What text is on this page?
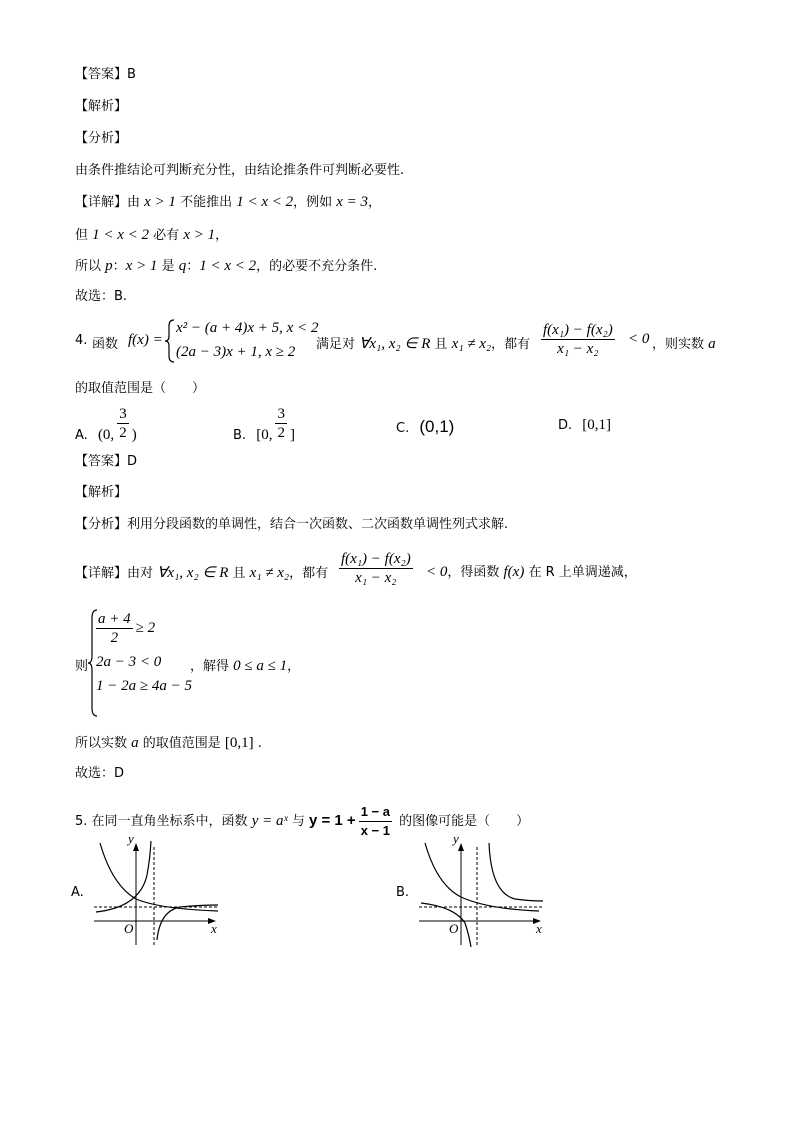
【答案】B
【解析】
【分析】
由条件推结论可判断充分性，由结论推条件可判断必要性.
【详解】由 x > 1 不能推出 1 < x < 2，例如 x = 3，
但 1 < x < 2 必有 x > 1，
所以 p：x > 1 是 q：1 < x < 2，的必要不充分条件.
故选：B.
4. 函数 f(x) =
x² − (a + 4)x + 5, x < 2
(2a − 3)x + 1, x ≥ 2 满足对 ∀x₁, x₂ ∈ R 且 x₁ ≠ x₂，都有 $\frac{\text{f(x₁) − f(x₂)}}{\text{x₁ − x₂}} < 0$ ，则实数 a
的取值范围是（　　）
A. (0, $\frac{3}{2}$ )	B. [0, $\frac{3}{2}$ ]	C. (0,1)	D. [0,1]
【答案】D
【解析】
【分析】利用分段函数的单调性，结合一次函数、二次函数单调性列式求解.
【详解】由对 ∀x₁, x₂ ∈ R 且 x₁ ≠ x₂，都有 $\frac{\text{f(x₁) − f(x₂)}}{\text{x₁ − x₂}} < 0$，得函数 f(x) 在 R 上单调递减，
则
$\frac{a + 4}{2} \ge 2$
2a − 3 < 0
1 − 2a ≥ 4a − 5
，解得 0 ≤ a ≤ 1，
所以实数 a 的取值范围是 [0,1] .
故选：D
5. 在同一直角坐标系中，函数 y = aˣ 与 $y = 1 + \frac{1 - a}{x - 1}$ 的图像可能是（　　）
A.
y
x
O
B.
y
x
O
